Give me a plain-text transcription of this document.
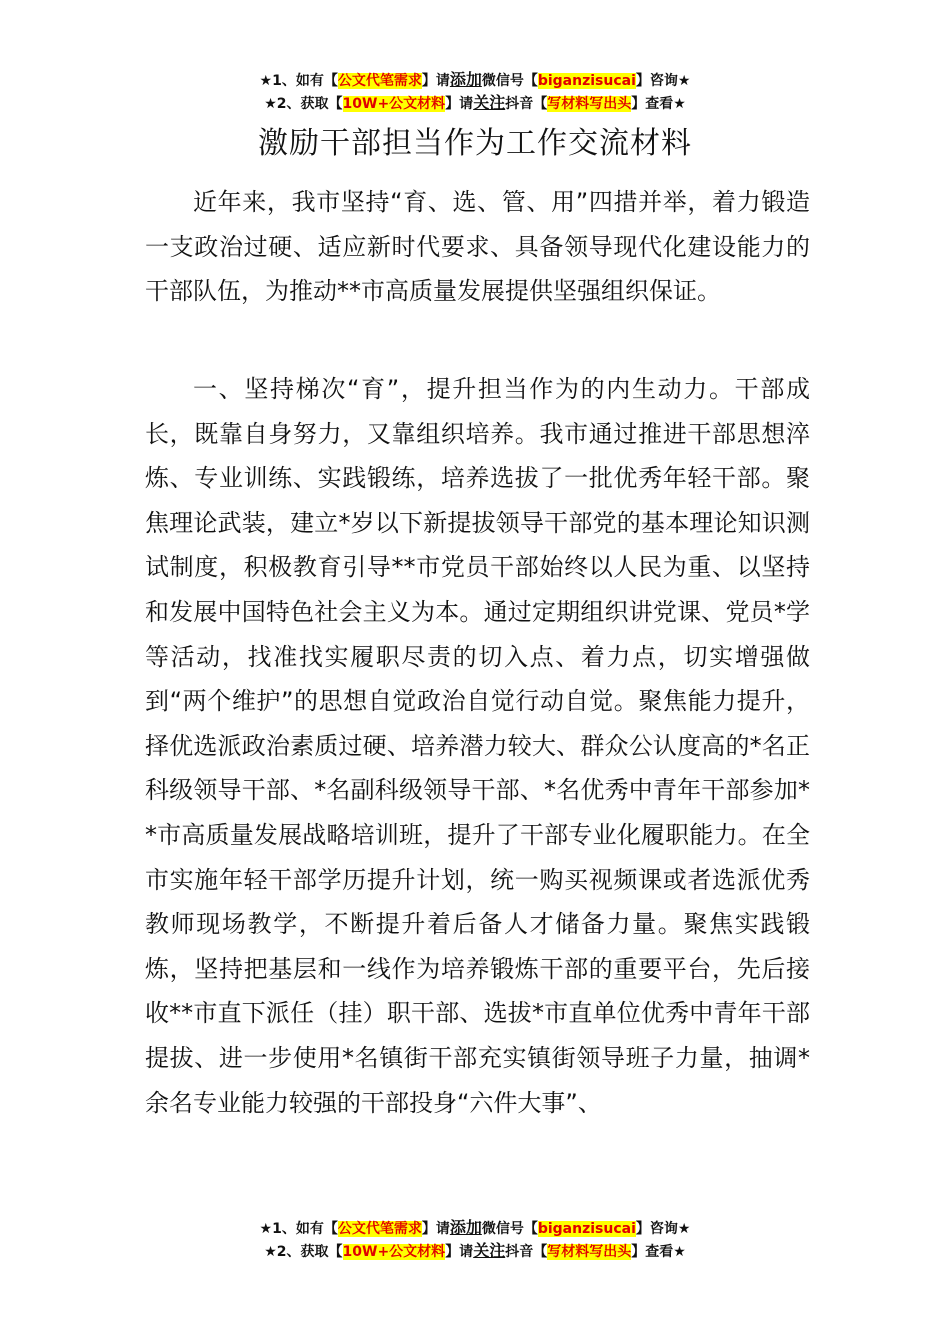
★1、如有【公文代笔需求】请添加微信号【biganzisucai】咨询★
★2、获取【10W+公文材料】请关注抖音【写材料写出头】查看★
激励干部担当作为工作交流材料

近年来，我市坚持“育、选、管、用”四措并举，着力锻造一支政治过硬、适应新时代要求、具备领导现代化建设能力的干部队伍，为推动**市高质量发展提供坚强组织保证。

一、坚持梯次“育”，提升担当作为的内生动力。干部成长，既靠自身努力，又靠组织培养。我市通过推进干部思想淬炼、专业训练、实践锻练，培养选拔了一批优秀年轻干部。聚焦理论武装，建立*岁以下新提拔领导干部党的基本理论知识测试制度，积极教育引导**市党员干部始终以人民为重、以坚持和发展中国特色社会主义为本。通过定期组织讲党课、党员*学等活动，找准找实履职尽责的切入点、着力点，切实增强做到“两个维护”的思想自觉政治自觉行动自觉。聚焦能力提升，择优选派政治素质过硬、培养潜力较大、群众公认度高的*名正科级领导干部、*名副科级领导干部、*名优秀中青年干部参加**市高质量发展战略培训班，提升了干部专业化履职能力。在全市实施年轻干部学历提升计划，统一购买视频课或者选派优秀教师现场教学，不断提升着后备人才储备力量。聚焦实践锻炼，坚持把基层和一线作为培养锻炼干部的重要平台，先后接收**市直下派任（挂）职干部、选拔*市直单位优秀中青年干部提拔、进一步使用*名镇街干部充实镇街领导班子力量，抽调*余名专业能力较强的干部投身“六件大事”、

★1、如有【公文代笔需求】请添加微信号【biganzisucai】咨询★
★2、获取【10W+公文材料】请关注抖音【写材料写出头】查看★
